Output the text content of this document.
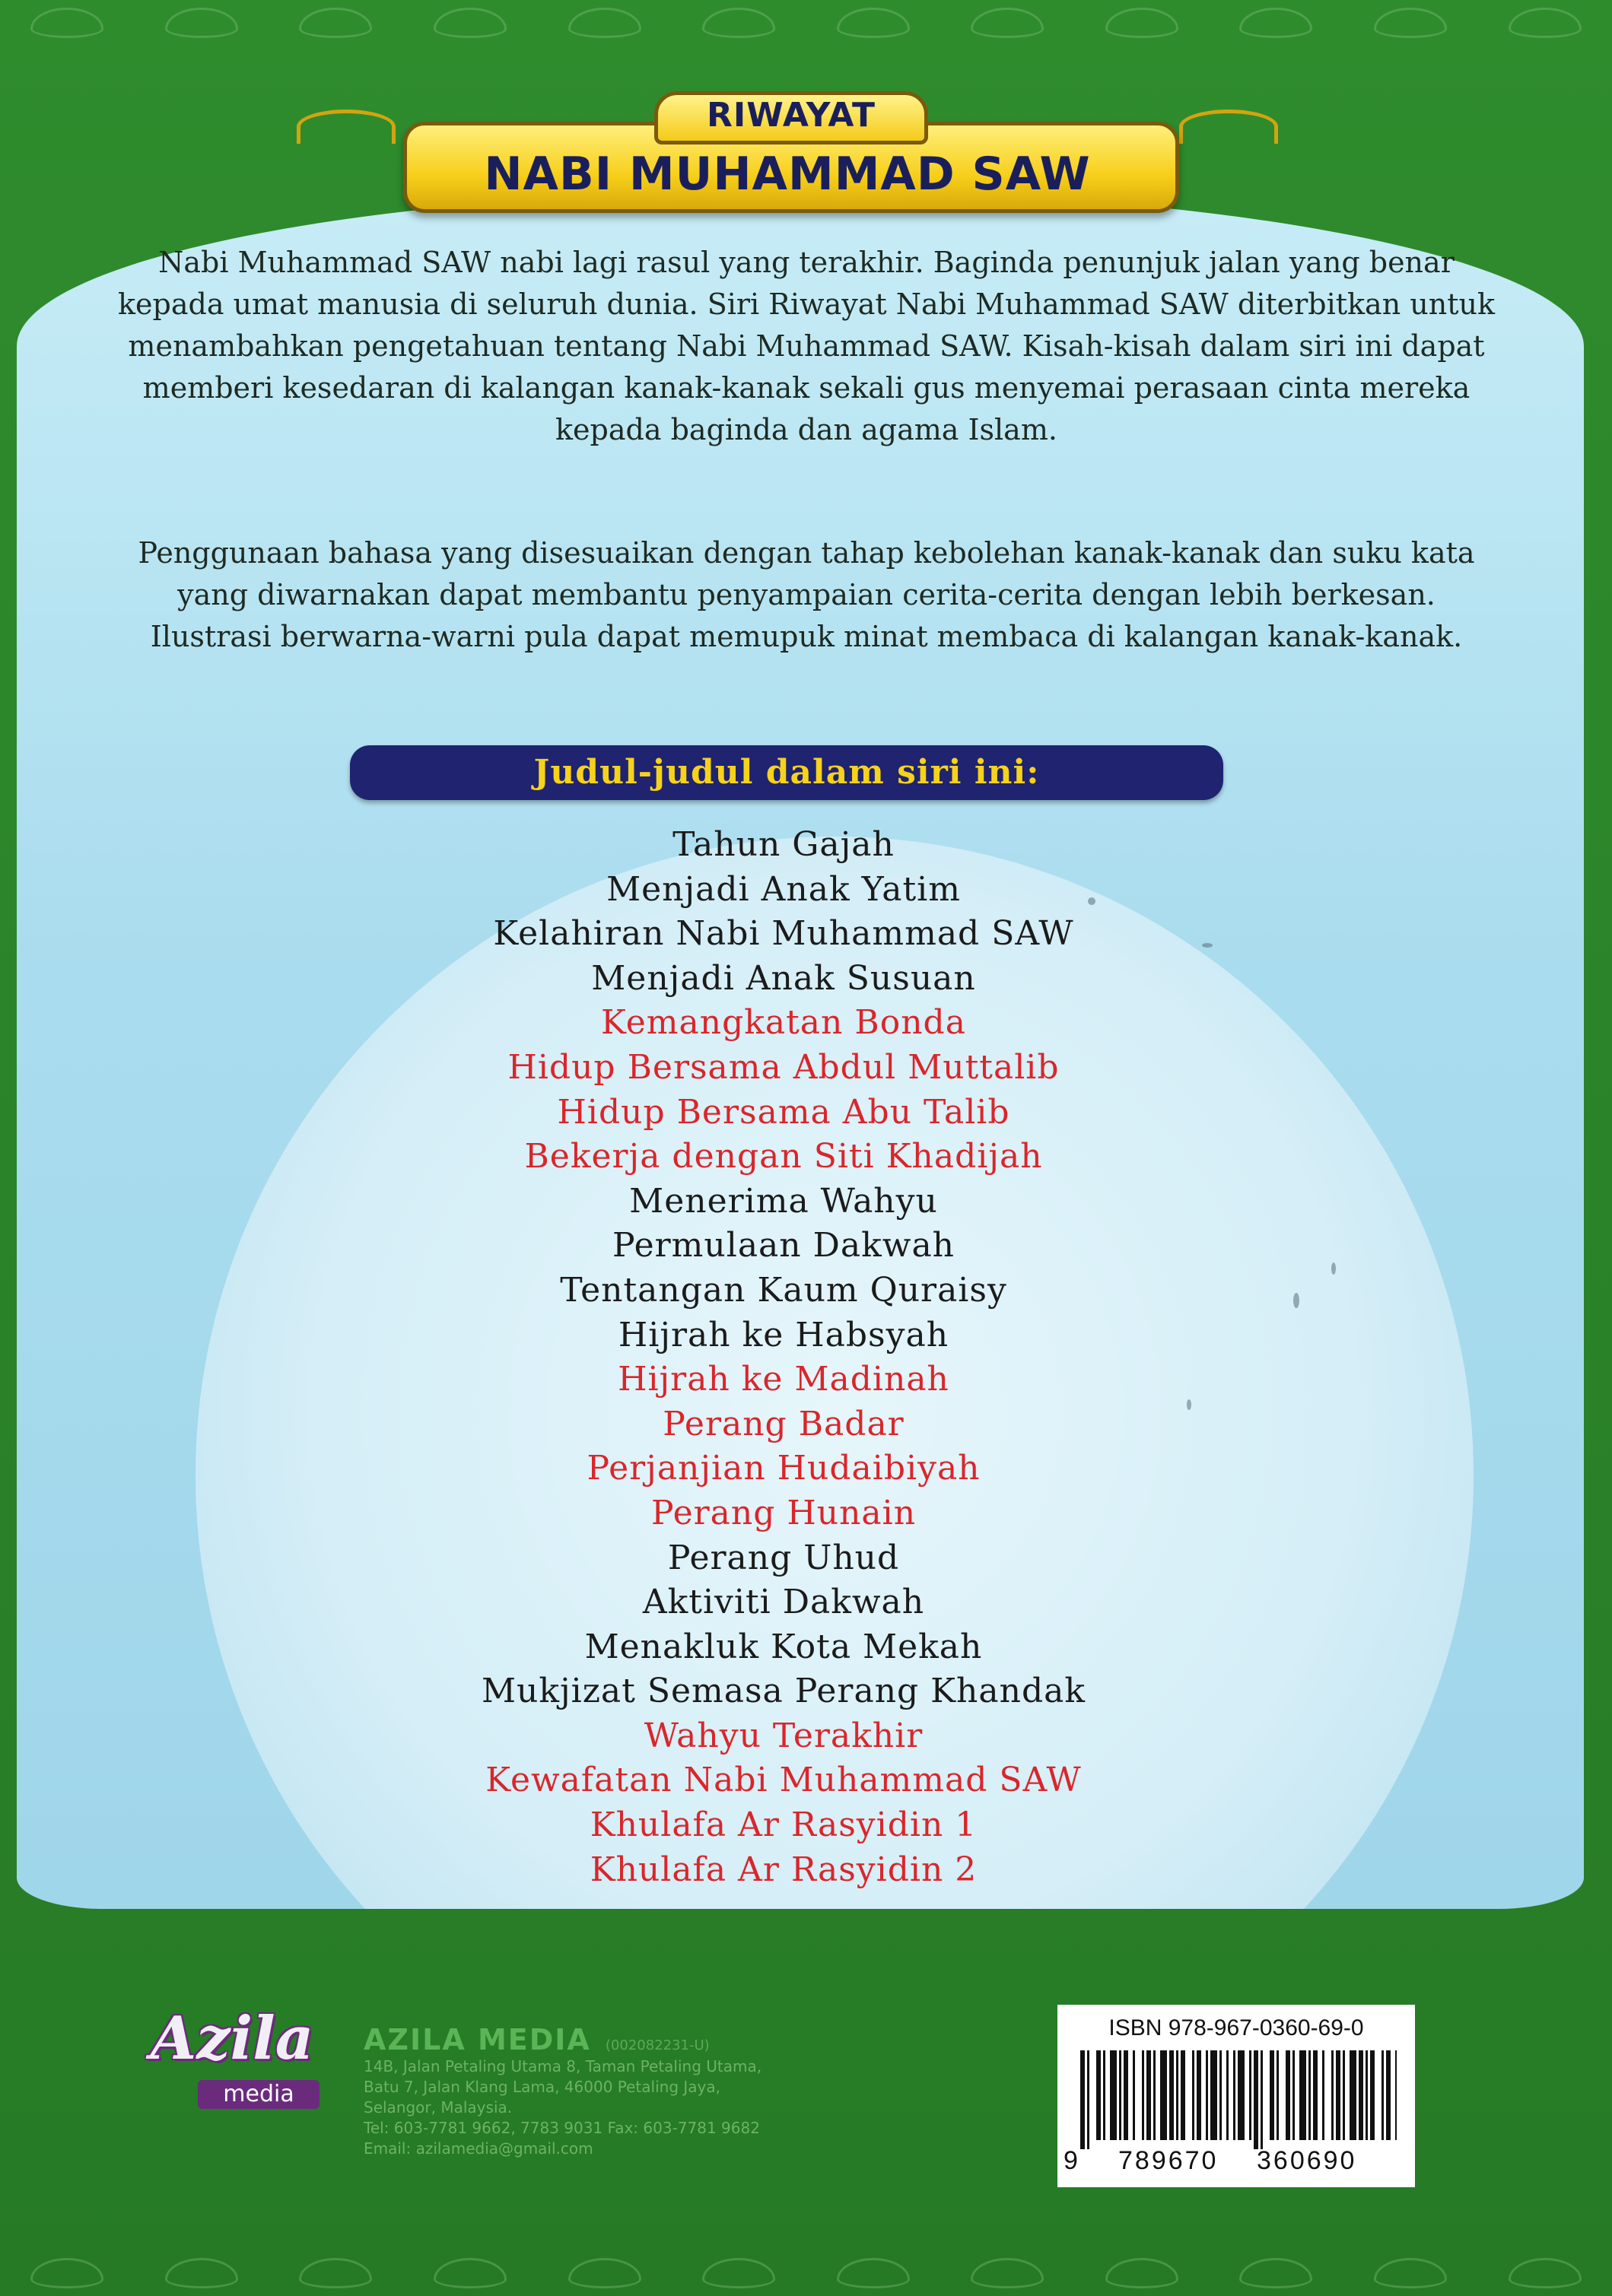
RIWAYAT
NABI MUHAMMAD SAW
Nabi Muhammad SAW nabi lagi rasul yang terakhir. Baginda penunjuk jalan yang benar kepada umat manusia di seluruh dunia. Siri Riwayat Nabi Muhammad SAW diterbitkan untuk menambahkan pengetahuan tentang Nabi Muhammad SAW. Kisah-kisah dalam siri ini dapat memberi kesedaran di kalangan kanak-kanak sekali gus menyemai perasaan cinta mereka kepada baginda dan agama Islam.
Penggunaan bahasa yang disesuaikan dengan tahap kebolehan kanak-kanak dan suku kata yang diwarnakan dapat membantu penyampaian cerita-cerita dengan lebih berkesan. Ilustrasi berwarna-warni pula dapat memupuk minat membaca di kalangan kanak-kanak.
Judul-judul dalam siri ini:
Tahun Gajah
Menjadi Anak Yatim
Kelahiran Nabi Muhammad SAW
Menjadi Anak Susuan
Kemangkatan Bonda
Hidup Bersama Abdul Muttalib
Hidup Bersama Abu Talib
Bekerja dengan Siti Khadijah
Menerima Wahyu
Permulaan Dakwah
Tentangan Kaum Quraisy
Hijrah ke Habsyah
Hijrah ke Madinah
Perang Badar
Perjanjian Hudaibiyah
Perang Hunain
Perang Uhud
Aktiviti Dakwah
Menakluk Kota Mekah
Mukjizat Semasa Perang Khandak
Wahyu Terakhir
Kewafatan Nabi Muhammad SAW
Khulafa Ar Rasyidin 1
Khulafa Ar Rasyidin 2
Azila
media
AZILA MEDIA (002082231-U)
14B, Jalan Petaling Utama 8, Taman Petaling Utama,
Batu 7, Jalan Klang Lama, 46000 Petaling Jaya,
Selangor, Malaysia.
Tel: 603-7781 9662, 7783 9031 Fax: 603-7781 9682
Email: azilamedia@gmail.com
ISBN 978-967-0360-69-0
9 789670 360690
